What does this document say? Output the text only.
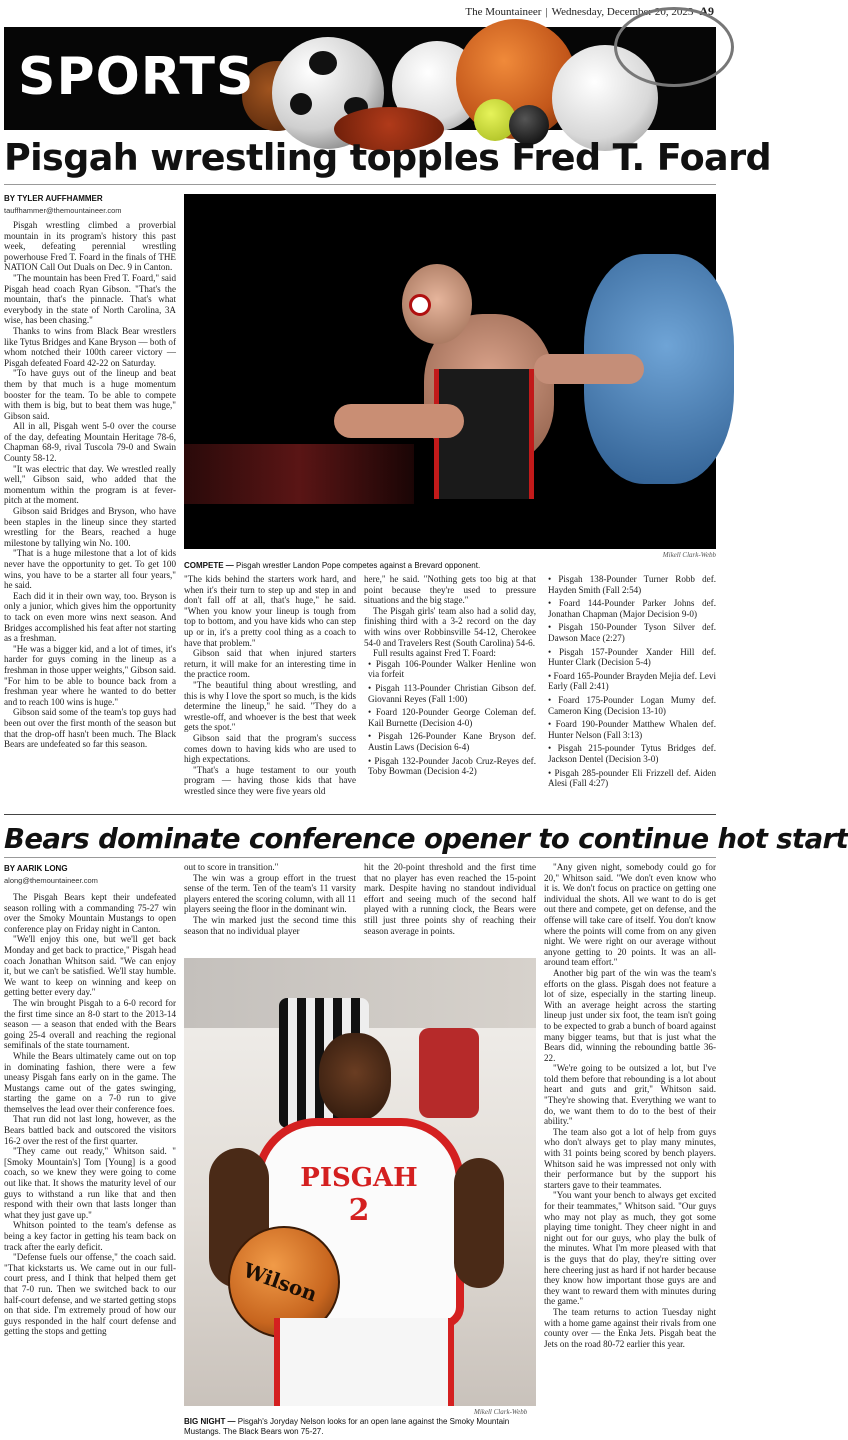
The Mountaineer | Wednesday, December 20, 2023 A9
SPORTS
Pisgah wrestling topples Fred T. Foard
BY TYLER AUFFHAMMER
tauffhammer@themountaineer.com

Pisgah wrestling climbed a proverbial mountain in its program's history this past week, defeating perennial wrestling powerhouse Fred T. Foard in the finals of THE NATION Call Out Duals on Dec. 9 in Canton.

"The mountain has been Fred T. Foard," said Pisgah head coach Ryan Gibson. "That's the mountain, that's the pinnacle. That's what everybody in the state of North Carolina, 3A wise, has been chasing."

Thanks to wins from Black Bear wrestlers like Tytus Bridges and Kane Bryson — both of whom notched their 100th career victory — Pisgah defeated Foard 42-22 on Saturday.

"To have guys out of the lineup and beat them by that much is a huge momentum booster for the team. To be able to compete with them is big, but to beat them was huge," Gibson said.

All in all, Pisgah went 5-0 over the course of the day, defeating Mountain Heritage 78-6, Chapman 68-9, rival Tuscola 79-0 and Swain County 58-12.

"It was electric that day. We wrestled really well," Gibson said, who added that the momentum within the program is at fever-pitch at the moment.

Gibson said Bridges and Bryson, who have been staples in the lineup since they started wrestling for the Bears, reached a huge milestone by tallying win No. 100.

"That is a huge milestone that a lot of kids never have the opportunity to get. To get 100 wins, you have to be a starter all four years," he said.

Each did it in their own way, too. Bryson is only a junior, which gives him the opportunity to tack on even more wins next season. And Bridges accomplished his feat after not starting as a freshman.

"He was a bigger kid, and a lot of times, it's harder for guys coming in the lineup as a freshman in those upper weights," Gibson said. "For him to be able to bounce back from a freshman year where he wanted to do better and to reach 100 wins is huge."

Gibson said some of the team's top guys had been out over the first month of the season but that the drop-off hasn't been much. The Black Bears are undefeated so far this season.

Mikell Clark-Webb
COMPETE — Pisgah wrestler Landon Pope competes against a Brevard opponent.

"The kids behind the starters work hard, and when it's their turn to step up and step in and don't fall off at all, that's huge," he said. "When you know your lineup is tough from top to bottom, and you have kids who can step up or in, it's a pretty cool thing as a coach to have that problem."

Gibson said that when injured starters return, it will make for an interesting time in the practice room.

"The beautiful thing about wrestling, and this is why I love the sport so much, is the kids determine the lineup," he said. "They do a wrestle-off, and whoever is the best that week gets the spot."

Gibson said that the program's success comes down to having kids who are used to high expectations.

"That's a huge testament to our youth program — having those kids that have wrestled since they were five years old

here," he said. "Nothing gets too big at that point because they're used to pressure situations and the big stage."

The Pisgah girls' team also had a solid day, finishing third with a 3-2 record on the day with wins over Robbinsville 54-12, Cherokee 54-0 and Travelers Rest (South Carolina) 54-6.

Full results against Fred T. Foard:

• Pisgah 106-Pounder Walker Henline won via forfeit

• Pisgah 113-Pounder Christian Gibson def. Giovanni Reyes (Fall 1:00)

• Foard 120-Pounder George Coleman def. Kail Burnette (Decision 4-0)

• Pisgah 126-Pounder Kane Bryson def. Austin Laws (Decision 6-4)

• Pisgah 132-Pounder Jacob Cruz-Reyes def. Toby Bowman (Decision 4-2)

• Pisgah 138-Pounder Turner Robb def. Hayden Smith (Fall 2:54)

• Foard 144-Pounder Parker Johns def. Jonathan Chapman (Major Decision 9-0)

• Pisgah 150-Pounder Tyson Silver def. Dawson Mace (2:27)

• Pisgah 157-Pounder Xander Hill def. Hunter Clark (Decision 5-4)

• Foard 165-Pounder Brayden Mejia def. Levi Early (Fall 2:41)

• Foard 175-Pounder Logan Mumy def. Cameron King (Decision 13-10)

• Foard 190-Pounder Matthew Whalen def. Hunter Nelson (Fall 3:13)

• Pisgah 215-pounder Tytus Bridges def. Jackson Dentel (Decision 3-0)

• Pisgah 285-pounder Eli Frizzell def. Aiden Alesi (Fall 4:27)

Bears dominate conference opener to continue hot start
BY AARIK LONG
along@themountaineer.com

The Pisgah Bears kept their undefeated season rolling with a commanding 75-27 win over the Smoky Mountain Mustangs to open conference play on Friday night in Canton.

"We'll enjoy this one, but we'll get back Monday and get back to practice," Pisgah head coach Jonathan Whitson said. "We can enjoy it, but we can't be satisfied. We'll stay humble. We want to keep on winning and keep on getting better every day."

The win brought Pisgah to a 6-0 record for the first time since an 8-0 start to the 2013-14 season — a season that ended with the Bears going 25-4 overall and reaching the regional semifinals of the state tournament.

While the Bears ultimately came out on top in dominating fashion, there were a few uneasy Pisgah fans early on in the game. The Mustangs came out of the gates swinging, starting the game on a 7-0 run to give themselves the lead over their conference foes.

That run did not last long, however, as the Bears battled back and outscored the visitors 16-2 over the rest of the first quarter.

"They came out ready," Whitson said. "[Smoky Mountain's] Tom [Young] is a good coach, so we knew they were going to come out like that. It shows the maturity level of our guys to withstand a run like that and then respond with their own that lasts longer than what they just gave up."

Whitson pointed to the team's defense as being a key factor in getting his team back on track after the early deficit.

"Defense fuels our offense," the coach said. "That kickstarts us. We came out in our full-court press, and I think that helped them get that 7-0 run. Then we switched back to our half-court defense, and we started getting stops on that side. I'm extremely proud of how our guys responded in the half court defense and getting the stops and getting

out to score in transition."

The win was a group effort in the truest sense of the term. Ten of the team's 11 varsity players entered the scoring column, with all 11 players seeing the floor in the dominant win.

The win marked just the second time this season that no individual player

hit the 20-point threshold and the first time that no player has even reached the 15-point mark. Despite having no standout individual effort and seeing much of the second half played with a running clock, the Bears were still just three points shy of reaching their season average in points.

"Any given night, somebody could go for 20," Whitson said. "We don't even know who it is. We don't focus on practice on getting one individual the shots. All we want to do is get out there and compete, get on defense, and the offense will take care of itself. You don't know where the points will come from on any given night. We were right on our average without anyone getting to 20 points. It was an all-around team effort."

Another big part of the win was the team's efforts on the glass. Pisgah does not feature a lot of size, especially in the starting lineup. With an average height across the starting lineup just under six foot, the team isn't going to be expected to grab a bunch of board against many bigger teams, but that is just what the Bears did, winning the rebounding battle 36-22.

"We're going to be outsized a lot, but I've told them before that rebounding is a lot about heart and guts and grit," Whitson said. "They're showing that. Everything we want to do, we want them to do to the best of their ability."

The team also got a lot of help from guys who don't always get to play many minutes, with 31 points being scored by bench players. Whitson said he was impressed not only with their performance but by the support his starters gave to their teammates.

"You want your bench to always get excited for their teammates," Whitson said. "Our guys who may not play as much, they got some playing time tonight. They cheer night in and night out for our guys, who play the bulk of the minutes. What I'm more pleased with that is the guys that do play, they're sitting over here cheering just as hard if not harder because they know how important those guys are and they want to reward them with minutes during the game."

The team returns to action Tuesday night with a home game against their rivals from one county over — the Enka Jets. Pisgah beat the Jets on the road 80-72 earlier this year.

PISGAH
2
Wilson
Mikell Clark-Webb
BIG NIGHT — Pisgah's Joryday Nelson looks for an open lane against the Smoky Mountain Mustangs. The Black Bears won 75-27.
